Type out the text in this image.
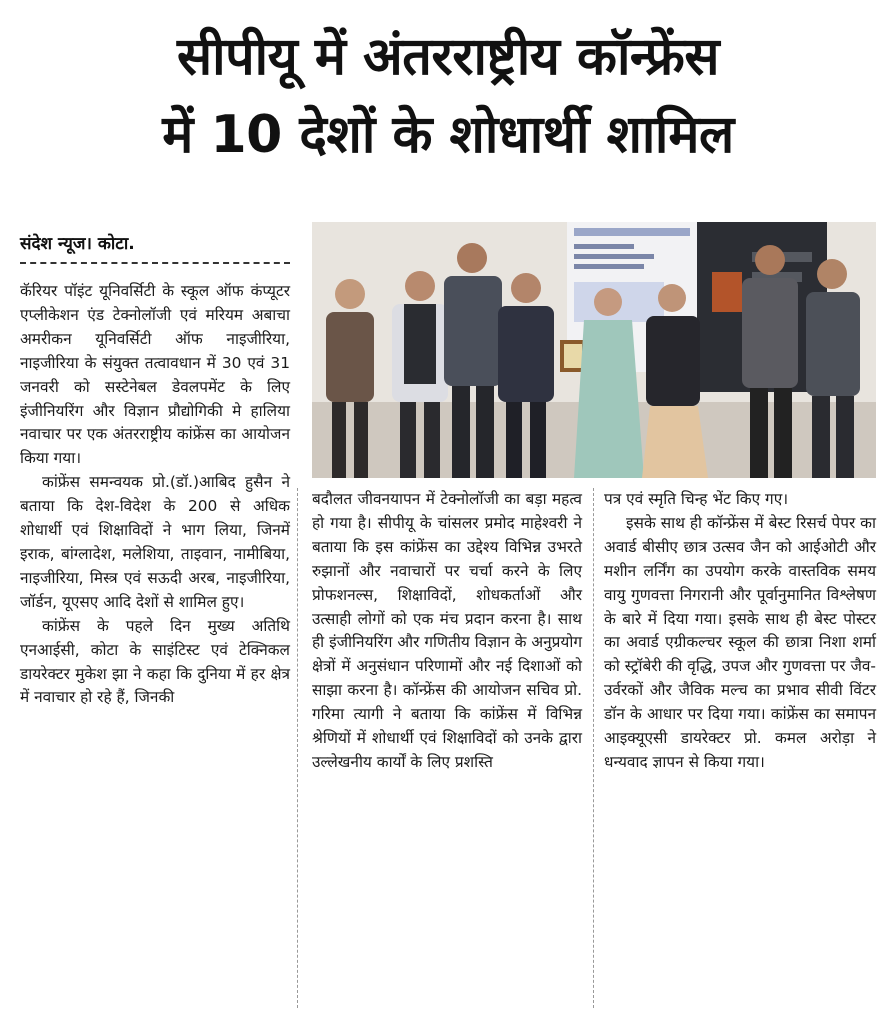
सीपीयू में अंतरराष्ट्रीय कॉन्फ्रेंस
में 10 देशों के शोधार्थी शामिल
संदेश न्यूज। कोटा.

कॅरियर पॉइंट यूनिवर्सिटी के स्कूल ऑफ कंप्यूटर एप्लीकेशन एंड टेक्नोलॉजी एवं मरियम अबाचा अमरीकन यूनिवर्सिटी ऑफ नाइजीरिया, नाइजीरिया के संयुक्त तत्वावधान में 30 एवं 31 जनवरी को सस्टेनेबल डेवलपमेंट के लिए इंजीनियरिंग और विज्ञान प्रौद्योगिकी मे हालिया नवाचार पर एक अंतरराष्ट्रीय कांफ्रेंस का आयोजन किया गया।

कांफ्रेंस समन्वयक प्रो.(डॉ.)आबिद हुसैन ने बताया कि देश-विदेश के 200 से अधिक शोधार्थी एवं शिक्षाविदों ने भाग लिया, जिनमें इराक, बांग्लादेश, मलेशिया, ताइवान, नामीबिया, नाइजीरिया, मिस्त्र एवं सऊदी अरब, नाइजीरिया, जॉर्डन, यूएसए आदि देशों से शामिल हुए।

कांफ्रेंस के पहले दिन मुख्य अतिथि एनआईसी, कोटा के साइंटिस्ट एवं टेक्निकल डायरेक्टर मुकेश झा ने कहा कि दुनिया में हर क्षेत्र में नवाचार हो रहे हैं, जिनकी

बदौलत जीवनयापन में टेक्नोलॉजी का बड़ा महत्व हो गया है। सीपीयू के चांसलर प्रमोद माहेश्वरी ने बताया कि इस कांफ्रेंस का उद्देश्य विभिन्न उभरते रुझानों और नवाचारों पर चर्चा करने के लिए प्रोफशनल्स, शिक्षाविदों, शोधकर्ताओं और उत्साही लोगों को एक मंच प्रदान करना है। साथ ही इंजीनियरिंग और गणितीय विज्ञान के अनुप्रयोग क्षेत्रों में अनुसंधान परिणामों और नई दिशाओं को साझा करना है। कॉन्फ्रेंस की आयोजन सचिव प्रो. गरिमा त्यागी ने बताया कि कांफ्रेंस में विभिन्न श्रेणियों में शोधार्थी एवं शिक्षाविदों को उनके द्वारा उल्लेखनीय कार्यों के लिए प्रशस्ति

पत्र एवं स्मृति चिन्ह भेंट किए गए।

इसके साथ ही कॉन्फ्रेंस में बेस्ट रिसर्च पेपर का अवार्ड बीसीए छात्र उत्सव जैन को आईओटी और मशीन लर्निंग का उपयोग करके वास्तविक समय वायु गुणवत्ता निगरानी और पूर्वानुमानित विश्लेषण के बारे में दिया गया। इसके साथ ही बेस्ट पोस्टर का अवार्ड एग्रीकल्चर स्कूल की छात्रा निशा शर्मा को स्ट्रॉबेरी की वृद्धि, उपज और गुणवत्ता पर जैव-उर्वरकों और जैविक मल्च का प्रभाव सीवी विंटर डॉन के आधार पर दिया गया। कांफ्रेंस का समापन आइक्यूएसी डायरेक्टर प्रो. कमल अरोड़ा ने धन्यवाद ज्ञापन से किया गया।
